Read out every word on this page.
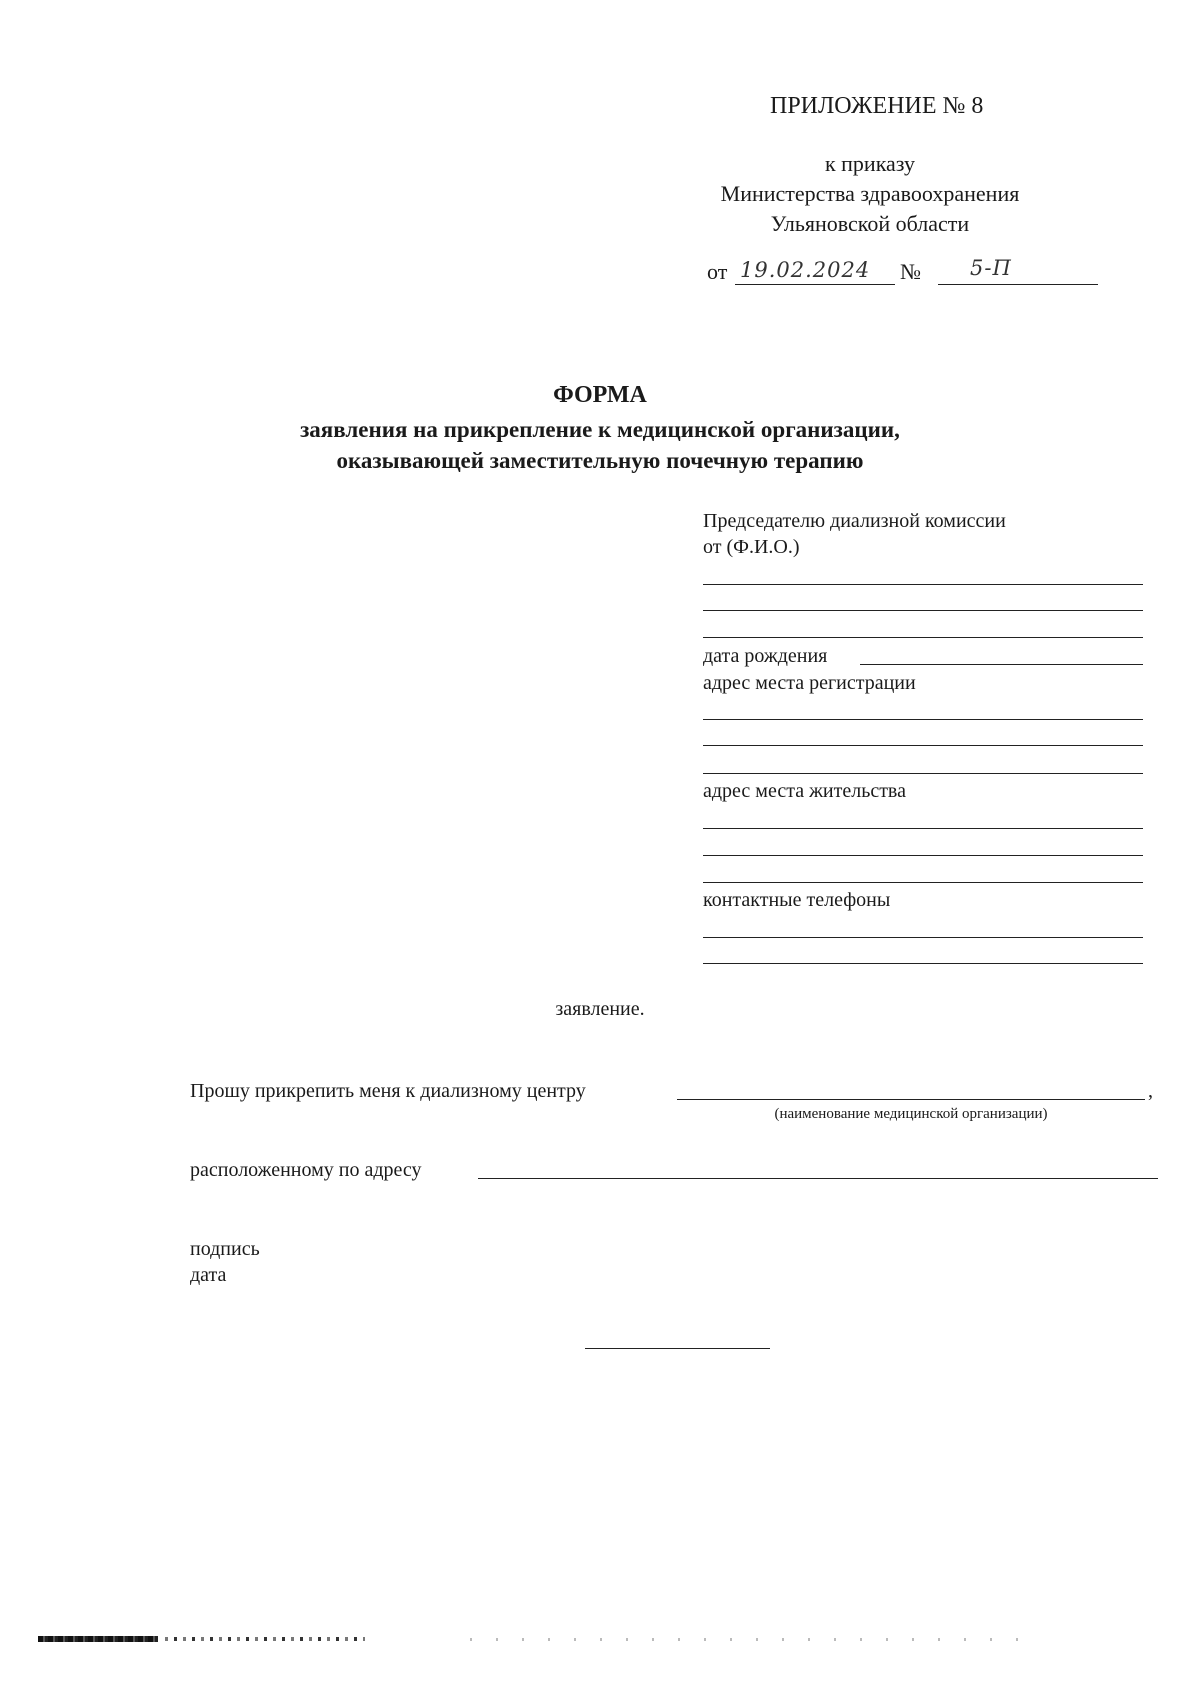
ПРИЛОЖЕНИЕ № 8
к приказу
Министерства здравоохранения
Ульяновской области
от 19.02.2024 № 5-П
ФОРМА
заявления на прикрепление к медицинской организации,
оказывающей заместительную почечную терапию
Председателю диализной комиссии
от (Ф.И.О.)
дата рождения
адрес места регистрации
адрес места жительства
контактные телефоны
заявление.
Прошу прикрепить меня к диализному центру	,
(наименование медицинской организации)
расположенному по адресу
подпись
дата
